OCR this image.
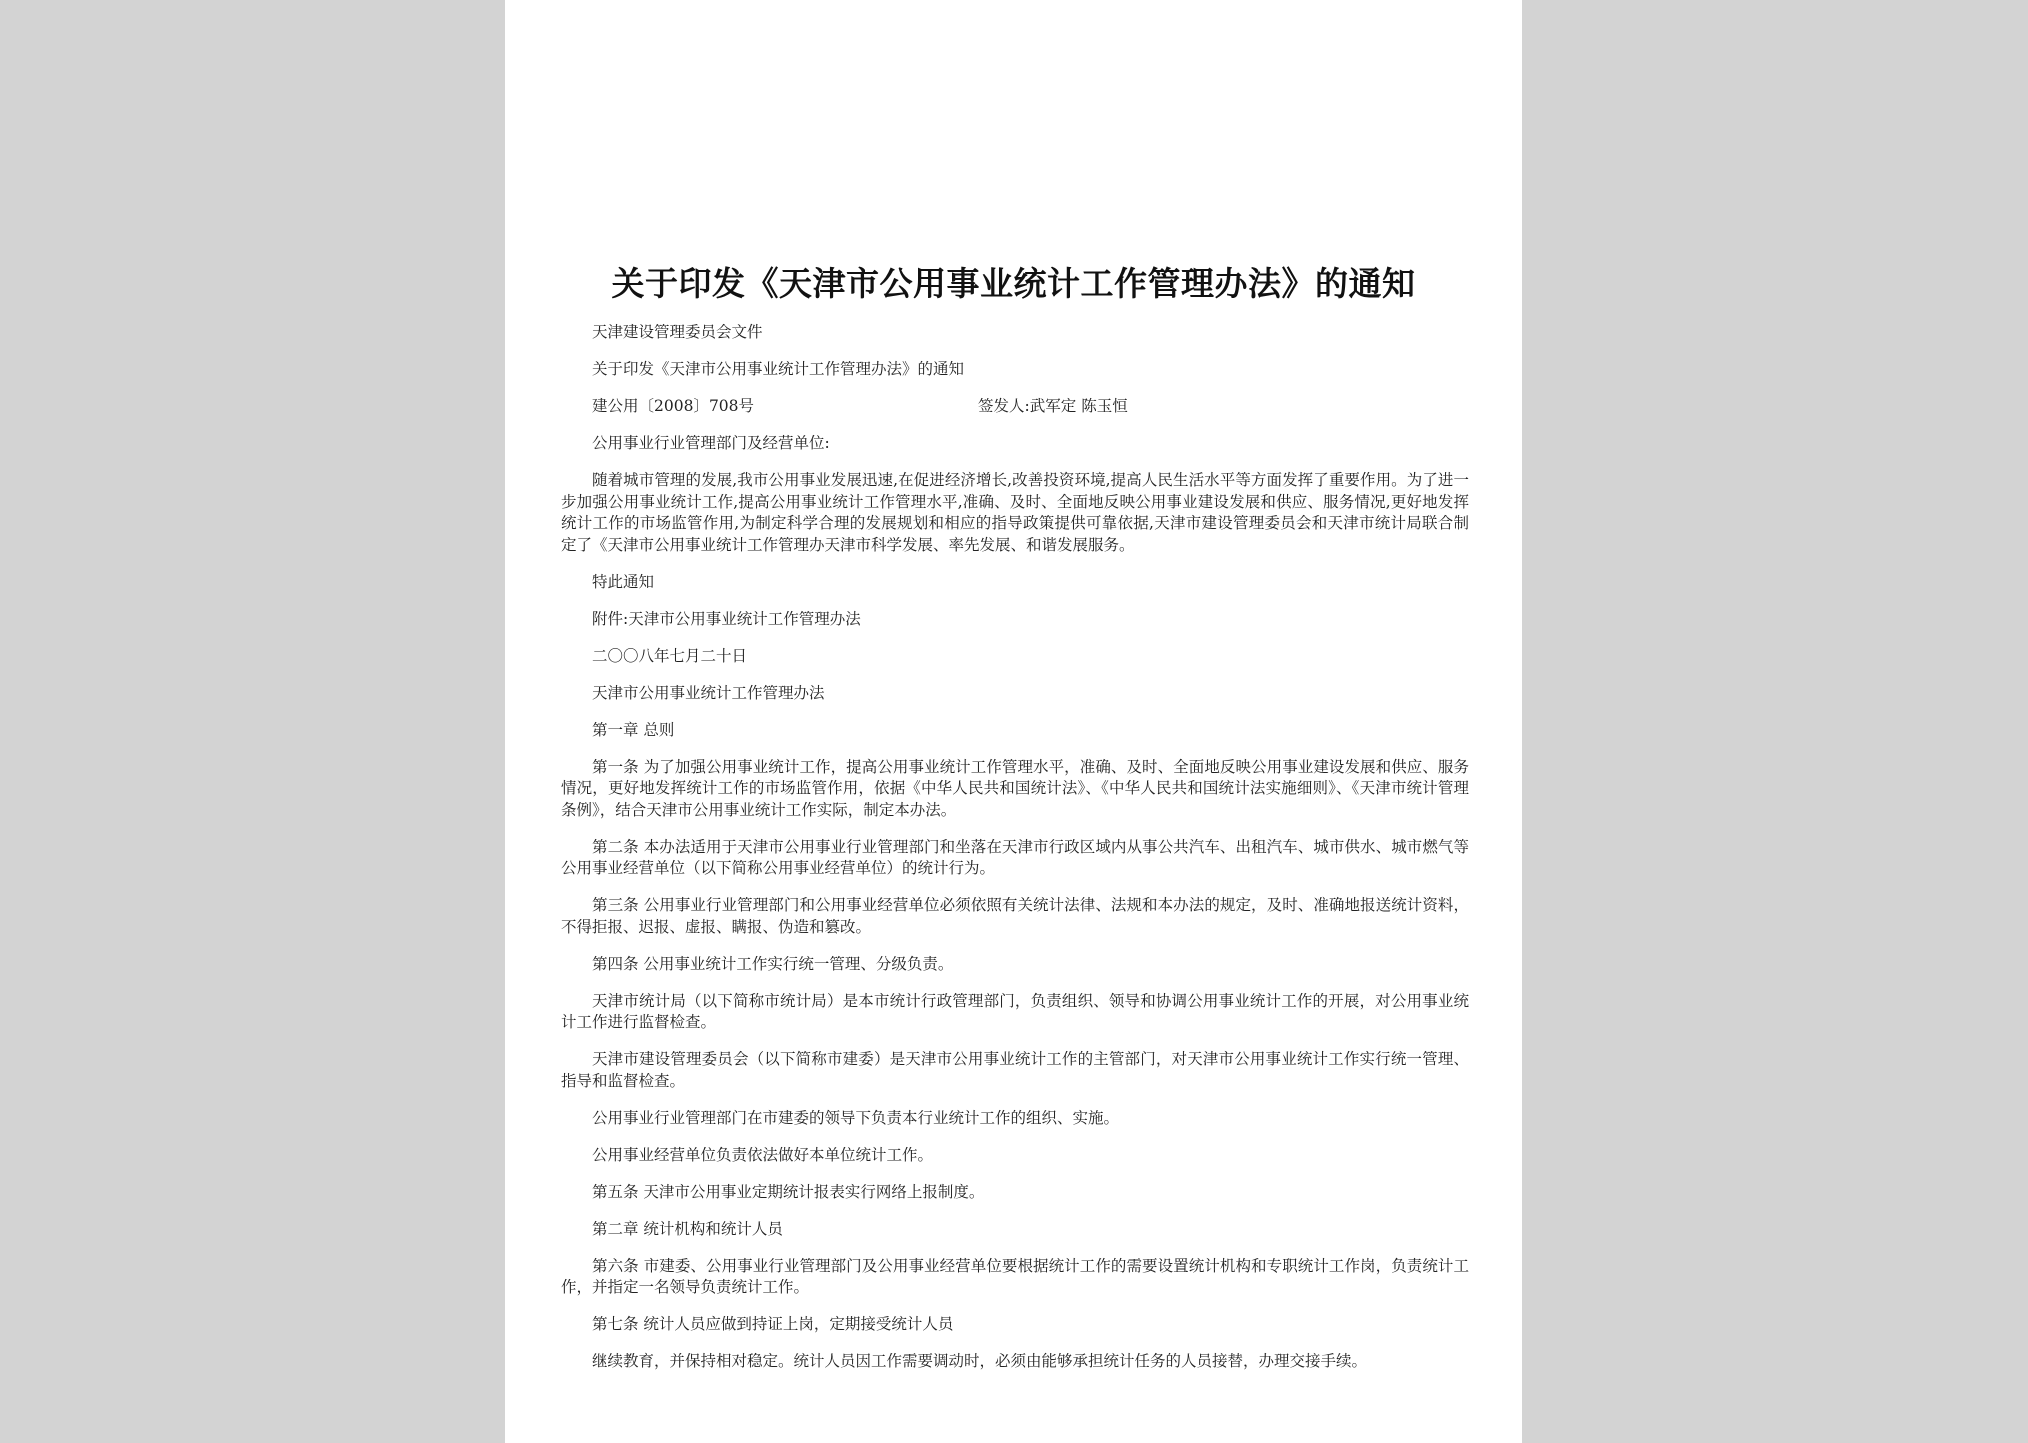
关于印发《天津市公用事业统计工作管理办法》的通知

天津建设管理委员会文件

关于印发《天津市公用事业统计工作管理办法》的通知

建公用〔2008〕708号	签发人:武军定 陈玉恒

公用事业行业管理部门及经营单位:

随着城市管理的发展,我市公用事业发展迅速,在促进经济增长,改善投资环境,提高人民生活水平等方面发挥了重要作用。为了进一步加强公用事业统计工作,提高公用事业统计工作管理水平,准确、及时、全面地反映公用事业建设发展和供应、服务情况,更好地发挥统计工作的市场监管作用,为制定科学合理的发展规划和相应的指导政策提供可靠依据,天津市建设管理委员会和天津市统计局联合制定了《天津市公用事业统计工作管理办天津市科学发展、率先发展、和谐发展服务。

特此通知

附件:天津市公用事业统计工作管理办法

二〇〇八年七月二十日

天津市公用事业统计工作管理办法

第一章 总则

第一条 为了加强公用事业统计工作，提高公用事业统计工作管理水平，准确、及时、全面地反映公用事业建设发展和供应、服务情况，更好地发挥统计工作的市场监管作用，依据《中华人民共和国统计法》、《中华人民共和国统计法实施细则》、《天津市统计管理条例》，结合天津市公用事业统计工作实际，制定本办法。

第二条 本办法适用于天津市公用事业行业管理部门和坐落在天津市行政区域内从事公共汽车、出租汽车、城市供水、城市燃气等公用事业经营单位（以下简称公用事业经营单位）的统计行为。

第三条 公用事业行业管理部门和公用事业经营单位必须依照有关统计法律、法规和本办法的规定，及时、准确地报送统计资料，不得拒报、迟报、虚报、瞒报、伪造和篡改。

第四条 公用事业统计工作实行统一管理、分级负责。

天津市统计局（以下简称市统计局）是本市统计行政管理部门，负责组织、领导和协调公用事业统计工作的开展，对公用事业统计工作进行监督检查。

天津市建设管理委员会（以下简称市建委）是天津市公用事业统计工作的主管部门，对天津市公用事业统计工作实行统一管理、指导和监督检查。

公用事业行业管理部门在市建委的领导下负责本行业统计工作的组织、实施。

公用事业经营单位负责依法做好本单位统计工作。

第五条 天津市公用事业定期统计报表实行网络上报制度。

第二章 统计机构和统计人员

第六条 市建委、公用事业行业管理部门及公用事业经营单位要根据统计工作的需要设置统计机构和专职统计工作岗，负责统计工作，并指定一名领导负责统计工作。

第七条 统计人员应做到持证上岗，定期接受统计人员

继续教育，并保持相对稳定。统计人员因工作需要调动时，必须由能够承担统计任务的人员接替，办理交接手续。
